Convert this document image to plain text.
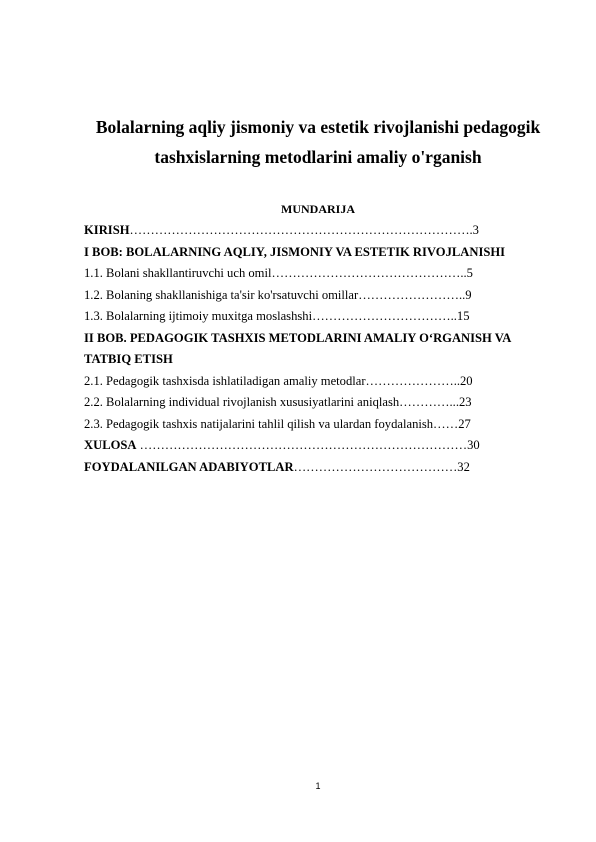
Bolalarning aqliy jismoniy va estetik rivojlanishi pedagogik
tashxislarning metodlarini amaliy o'rganish
MUNDARIJA
KIRISH……………………………………………………………………….3
I BOB: BOLALARNING AQLIY, JISMONIY VA ESTETIK RIVOJLANISHI
1.1. Bolani shakllantiruvchi uch omil………………………………………..5
1.2. Bolaning shakllanishiga ta'sir ko'rsatuvchi omillar……………………..9
1.3. Bolalarning ijtimoiy muxitga moslashshi……………………………..15
II BOB. PEDAGOGIK TASHXIS METODLARINI AMALIY O‘RGANISH VA TATBIQ ETISH
2.1. Pedagogik tashxisda ishlatiladigan amaliy metodlar…………………..20
2.2. Bolalarning individual rivojlanish xususiyatlarini aniqlash…………...23
2.3. Pedagogik tashxis natijalarini tahlil qilish va ulardan foydalanish……27
XULOSA ……………………………………………………………………30
FOYDALANILGAN ADABIYOTLAR…………………………………32
1
